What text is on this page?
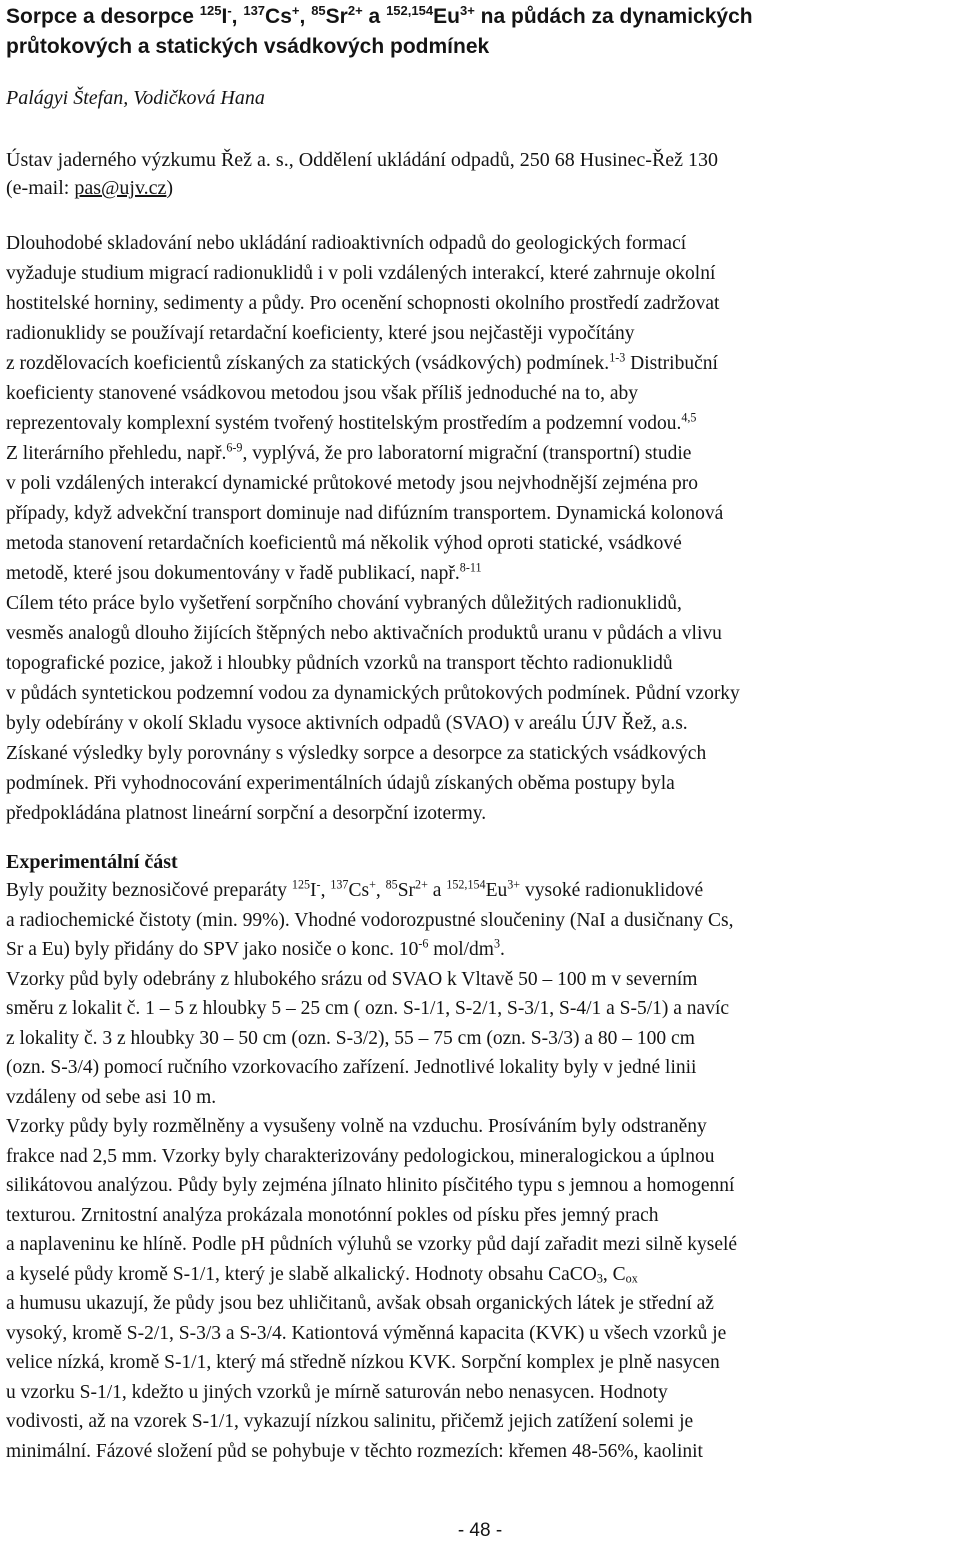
Sorpce a desorpce $^{125}$I-, $^{137}$Cs+, $^{85}Sr^{2+}$ a $^{152,154}Eu^{3+}$ na půdách za dynamických
průtokových a statických vsádkových podmínek
Palágyi Štefan, Vodičková Hana
Ústav jaderného výzkumu Řež a. s., Oddělení ukládání odpadů, 250 68 Husinec-Řež 130
(e-mail: pas@ujv.cz)
Dlouhodobé skladování nebo ukládání radioaktivních odpadů do geologických formací
vyžaduje studium migrací radionuklidů i v poli vzdálených interakcí, které zahrnuje okolní
hostitelské horniny, sedimenty a půdy. Pro ocenění schopnosti okolního prostředí zadržovat
radionuklidy se používají retardační koeficienty, které jsou nejčastěji vypočítány
z rozdělovacích koeficientů získaných za statických (vsádkových) podmínek.$^{1-3}$ Distribuční
koeficienty stanovené vsádkovou metodou jsou však příliš jednoduché na to, aby
reprezentovaly komplexní systém tvořený hostitelským prostředím a podzemní vodou.$^{4,5}$
Z literárního přehledu, např.$^{6-9}$, vyplývá, že pro laboratorní migrační (transportní) studie
v poli vzdálených interakcí dynamické průtokové metody jsou nejvhodnější zejména pro
případy, když advekční transport dominuje nad difúzním transportem. Dynamická kolonová
metoda stanovení retardačních koeficientů má několik výhod oproti statické, vsádkové
metodě, které jsou dokumentovány v řadě publikací, např.$^{8-11}$
Cílem této práce bylo vyšetření sorpčního chování vybraných důležitých radionuklidů,
vesměs analogů dlouho žijících štěpných nebo aktivačních produktů uranu v půdách a vlivu
topografické pozice, jakož i hloubky půdních vzorků na transport těchto radionuklidů
v půdách syntetickou podzemní vodou za dynamických průtokových podmínek. Půdní vzorky
byly odebírány v okolí Skladu vysoce aktivních odpadů (SVAO) v areálu ÚJV Řež, a.s.
Získané výsledky byly porovnány s výsledky sorpce a desorpce za statických vsádkových
podmínek. Při vyhodnocování experimentálních údajů získaných oběma postupy byla
předpokládána platnost lineární sorpční a desorpční izotermy.
Experimentální část
Byly použity beznosičové preparáty $^{125}$I-, $^{137}$Cs+, $^{85}Sr^{2+}$ a $^{152,154}Eu^{3+}$ vysoké radionuklidové
a radiochemické čistoty (min. 99%). Vhodné vodorozpustné sloučeniny (NaI a dusičnany Cs,
Sr a Eu) byly přidány do SPV jako nosiče o konc. $10^{-6}$ mol/$dm^3$.
Vzorky půd byly odebrány z hlubokého srázu od SVAO k Vltavě 50 – 100 m v severním
směru z lokalit č. 1 – 5 z hloubky 5 – 25 cm ( ozn. S-1/1, S-2/1, S-3/1, S-4/1 a S-5/1) a navíc
z lokality č. 3 z hloubky 30 – 50 cm (ozn. S-3/2), 55 – 75 cm (ozn. S-3/3) a 80 – 100 cm
(ozn. S-3/4) pomocí ručního vzorkovacího zařízení. Jednotlivé lokality byly v jedné linii
vzdáleny od sebe asi 10 m.
Vzorky půdy byly rozmělněny a vysušeny volně na vzduchu. Prosíváním byly odstraněny
frakce nad 2,5 mm. Vzorky byly charakterizovány pedologickou, mineralogickou a úplnou
silikátovou analýzou. Půdy byly zejména jílnato hlinito písčitého typu s jemnou a homogenní
texturou. Zrnitostní analýza prokázala monotónní pokles od písku přes jemný prach
a naplaveninu ke hlíně. Podle pH půdních výluhů se vzorky půd dají zařadit mezi silně kyselé
a kyselé půdy kromě S-1/1, který je slabě alkalický. Hodnoty obsahu CaCO$_3$, $C_{ox}$
a humusu ukazují, že půdy jsou bez uhličitanů, avšak obsah organických látek je střední až
vysoký, kromě S-2/1, S-3/3 a S-3/4. Kationtová výměnná kapacita (KVK) u všech vzorků je
velice nízká, kromě S-1/1, který má středně nízkou KVK. Sorpční komplex je plně nasycen
u vzorku S-1/1, kdežto u jiných vzorků je mírně saturován nebo nenasycen. Hodnoty
vodivosti, až na vzorek S-1/1, vykazují nízkou salinitu, přičemž jejich zatížení solemi je
minimální. Fázové složení půd se pohybuje v těchto rozmezích: křemen 48-56%, kaolinit
- 48 -
